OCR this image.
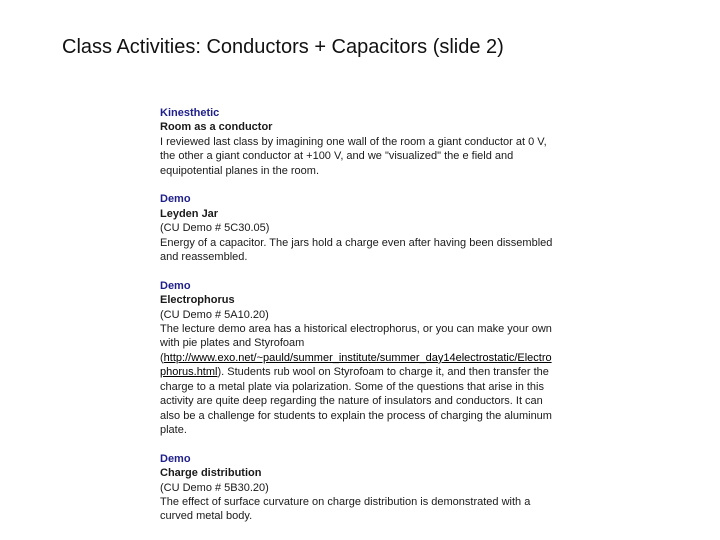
Class Activities: Conductors + Capacitors (slide 2)
Kinesthetic
Room as a conductor
I reviewed last class by imagining one wall of the room a giant conductor at 0 V,
the other a giant conductor at +100 V, and we "visualized" the e field and
equipotential planes in the room.
Demo
Leyden Jar
(CU Demo # 5C30.05)
Energy of a capacitor. The jars hold a charge even after having been dissembled
and reassembled.
Demo
Electrophorus
(CU Demo # 5A10.20)
The lecture demo area has a historical electrophorus, or you can make your own
with pie plates and Styrofoam
(http://www.exo.net/~pauld/summer_institute/summer_day14electrostatic/Electro
phorus.html). Students rub wool on Styrofoam to charge it, and then transfer the
charge to a metal plate via polarization. Some of the questions that arise in this
activity are quite deep regarding the nature of insulators and conductors. It can
also be a challenge for students to explain the process of charging the aluminum
plate.
Demo
Charge distribution
(CU Demo # 5B30.20)
The effect of surface curvature on charge distribution is demonstrated with a
curved metal body.
